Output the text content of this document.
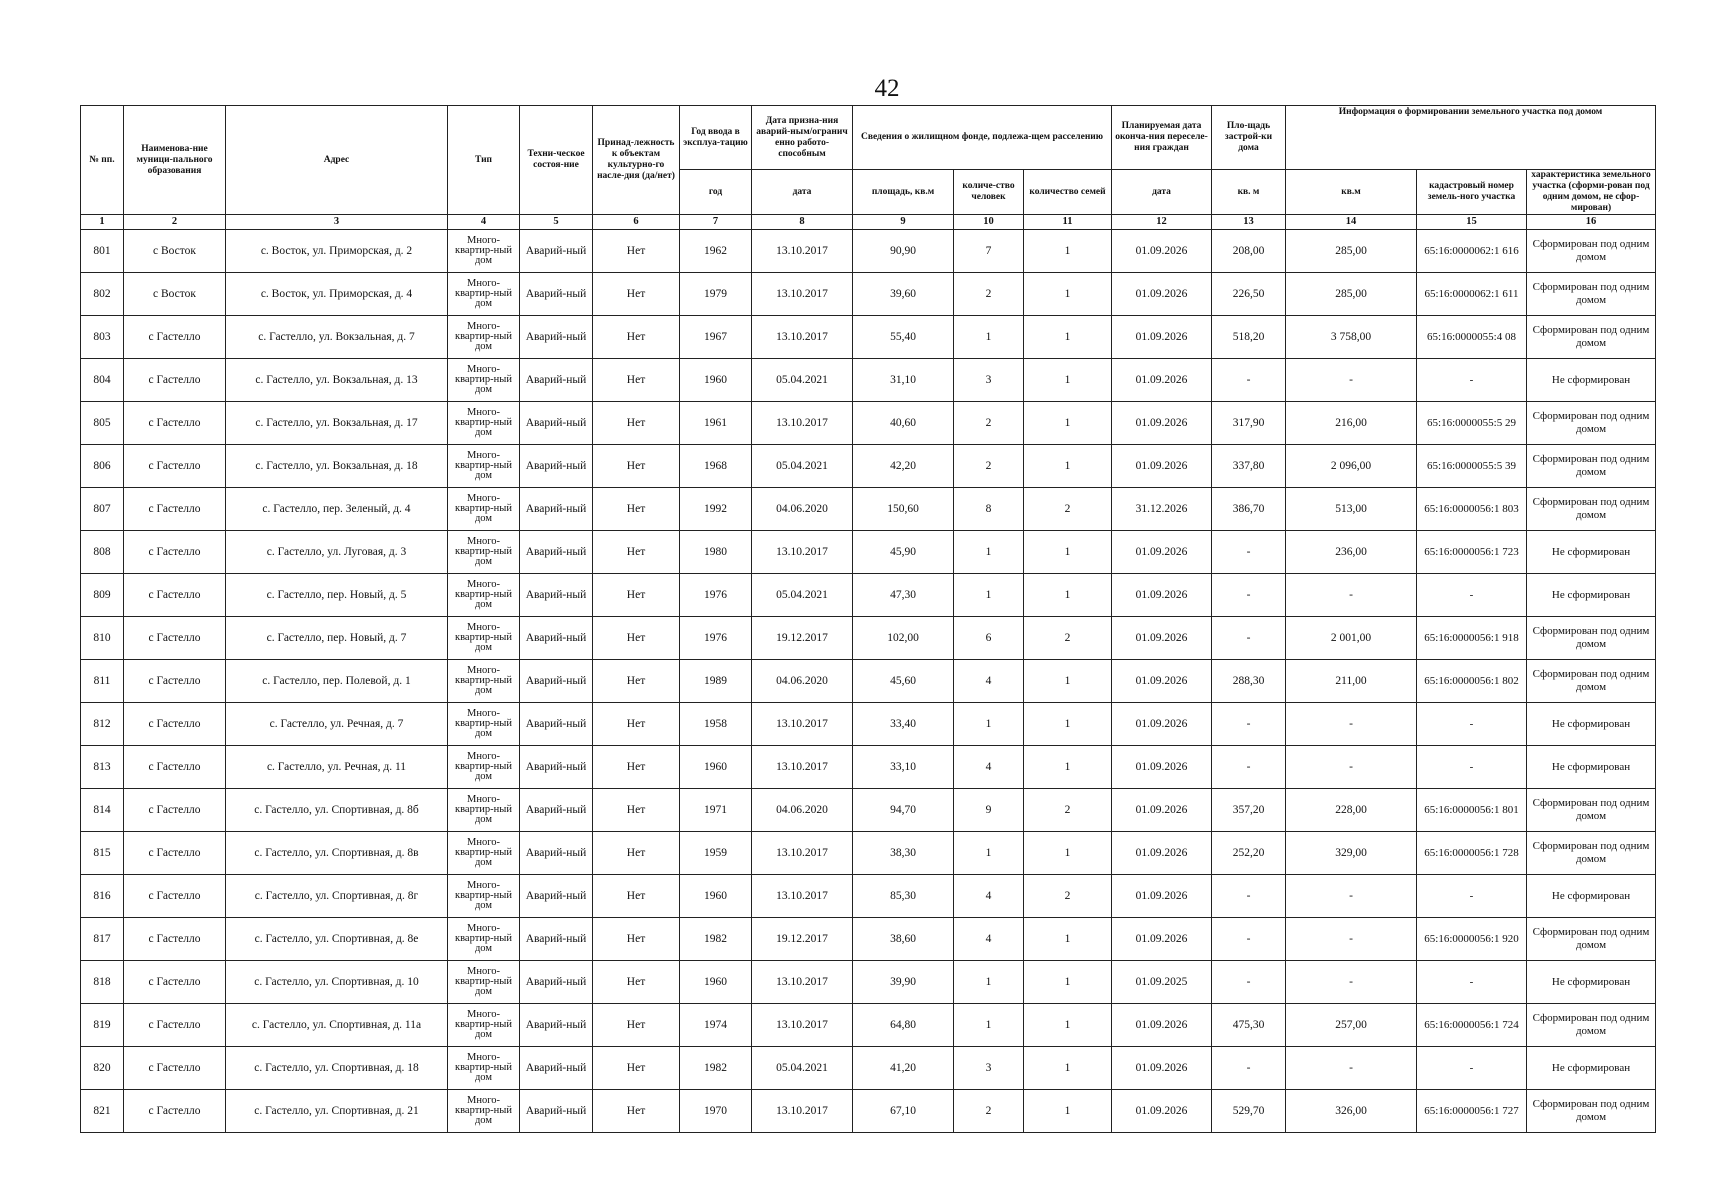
42
№ пп.	Наименова-ние муници-пального образования	Адрес	Тип	Техни-ческое состоя-ние	Принад-лежность к объектам культурно-го насле-дия (да/нет)	Год ввода в эксплуа-тацию	Дата призна-ния аварий-ным/огранич енно работо-способным	Сведения о жилищном фонде, подлежа-щем расселению			Планируемая дата оконча-ния переселе-ния граждан	Пло-щадь застрой-ки дома	Информация о формировании земельного участка под домом		
						год	дата	площадь, кв.м	количе-ство человек	количество семей	дата	кв. м	кв.м	кадастровый номер земель-ного участка	характеристика земельного участка (сформи-рован под одним домом, не сфор-мирован)
1	2	3	4	5	6	7	8	9	10	11	12	13	14	15	16
801	с Восток	с. Восток, ул. Приморская, д. 2	Много-квартир-ный дом	Аварий-ный	Нет	1962	13.10.2017	90,90	7	1	01.09.2026	208,00	285,00	65:16:0000062:1 616	Сформирован под одним домом
802	с Восток	с. Восток, ул. Приморская, д. 4	Много-квартир-ный дом	Аварий-ный	Нет	1979	13.10.2017	39,60	2	1	01.09.2026	226,50	285,00	65:16:0000062:1 611	Сформирован под одним домом
803	с Гастелло	с. Гастелло, ул. Вокзальная, д. 7	Много-квартир-ный дом	Аварий-ный	Нет	1967	13.10.2017	55,40	1	1	01.09.2026	518,20	3 758,00	65:16:0000055:4 08	Сформирован под одним домом
804	с Гастелло	с. Гастелло, ул. Вокзальная, д. 13	Много-квартир-ный дом	Аварий-ный	Нет	1960	05.04.2021	31,10	3	1	01.09.2026	-	-	-	Не сформирован
805	с Гастелло	с. Гастелло, ул. Вокзальная, д. 17	Много-квартир-ный дом	Аварий-ный	Нет	1961	13.10.2017	40,60	2	1	01.09.2026	317,90	216,00	65:16:0000055:5 29	Сформирован под одним домом
806	с Гастелло	с. Гастелло, ул. Вокзальная, д. 18	Много-квартир-ный дом	Аварий-ный	Нет	1968	05.04.2021	42,20	2	1	01.09.2026	337,80	2 096,00	65:16:0000055:5 39	Сформирован под одним домом
807	с Гастелло	с. Гастелло, пер. Зеленый, д. 4	Много-квартир-ный дом	Аварий-ный	Нет	1992	04.06.2020	150,60	8	2	31.12.2026	386,70	513,00	65:16:0000056:1 803	Сформирован под одним домом
808	с Гастелло	с. Гастелло, ул. Луговая, д. 3	Много-квартир-ный дом	Аварий-ный	Нет	1980	13.10.2017	45,90	1	1	01.09.2026	-	236,00	65:16:0000056:1 723	Не сформирован
809	с Гастелло	с. Гастелло, пер. Новый, д. 5	Много-квартир-ный дом	Аварий-ный	Нет	1976	05.04.2021	47,30	1	1	01.09.2026	-	-	-	Не сформирован
810	с Гастелло	с. Гастелло, пер. Новый, д. 7	Много-квартир-ный дом	Аварий-ный	Нет	1976	19.12.2017	102,00	6	2	01.09.2026	-	2 001,00	65:16:0000056:1 918	Сформирован под одним домом
811	с Гастелло	с. Гастелло, пер. Полевой, д. 1	Много-квартир-ный дом	Аварий-ный	Нет	1989	04.06.2020	45,60	4	1	01.09.2026	288,30	211,00	65:16:0000056:1 802	Сформирован под одним домом
812	с Гастелло	с. Гастелло, ул. Речная, д. 7	Много-квартир-ный дом	Аварий-ный	Нет	1958	13.10.2017	33,40	1	1	01.09.2026	-	-	-	Не сформирован
813	с Гастелло	с. Гастелло, ул. Речная, д. 11	Много-квартир-ный дом	Аварий-ный	Нет	1960	13.10.2017	33,10	4	1	01.09.2026	-	-	-	Не сформирован
814	с Гастелло	с. Гастелло, ул. Спортивная, д. 8б	Много-квартир-ный дом	Аварий-ный	Нет	1971	04.06.2020	94,70	9	2	01.09.2026	357,20	228,00	65:16:0000056:1 801	Сформирован под одним домом
815	с Гастелло	с. Гастелло, ул. Спортивная, д. 8в	Много-квартир-ный дом	Аварий-ный	Нет	1959	13.10.2017	38,30	1	1	01.09.2026	252,20	329,00	65:16:0000056:1 728	Сформирован под одним домом
816	с Гастелло	с. Гастелло, ул. Спортивная, д. 8г	Много-квартир-ный дом	Аварий-ный	Нет	1960	13.10.2017	85,30	4	2	01.09.2026	-	-	-	Не сформирован
817	с Гастелло	с. Гастелло, ул. Спортивная, д. 8е	Много-квартир-ный дом	Аварий-ный	Нет	1982	19.12.2017	38,60	4	1	01.09.2026	-	-	65:16:0000056:1 920	Сформирован под одним домом
818	с Гастелло	с. Гастелло, ул. Спортивная, д. 10	Много-квартир-ный дом	Аварий-ный	Нет	1960	13.10.2017	39,90	1	1	01.09.2025	-	-	-	Не сформирован
819	с Гастелло	с. Гастелло, ул. Спортивная, д. 11а	Много-квартир-ный дом	Аварий-ный	Нет	1974	13.10.2017	64,80	1	1	01.09.2026	475,30	257,00	65:16:0000056:1 724	Сформирован под одним домом
820	с Гастелло	с. Гастелло, ул. Спортивная, д. 18	Много-квартир-ный дом	Аварий-ный	Нет	1982	05.04.2021	41,20	3	1	01.09.2026	-	-	-	Не сформирован
821	с Гастелло	с. Гастелло, ул. Спортивная, д. 21	Много-квартир-ный дом	Аварий-ный	Нет	1970	13.10.2017	67,10	2	1	01.09.2026	529,70	326,00	65:16:0000056:1 727	Сформирован под одним домом
